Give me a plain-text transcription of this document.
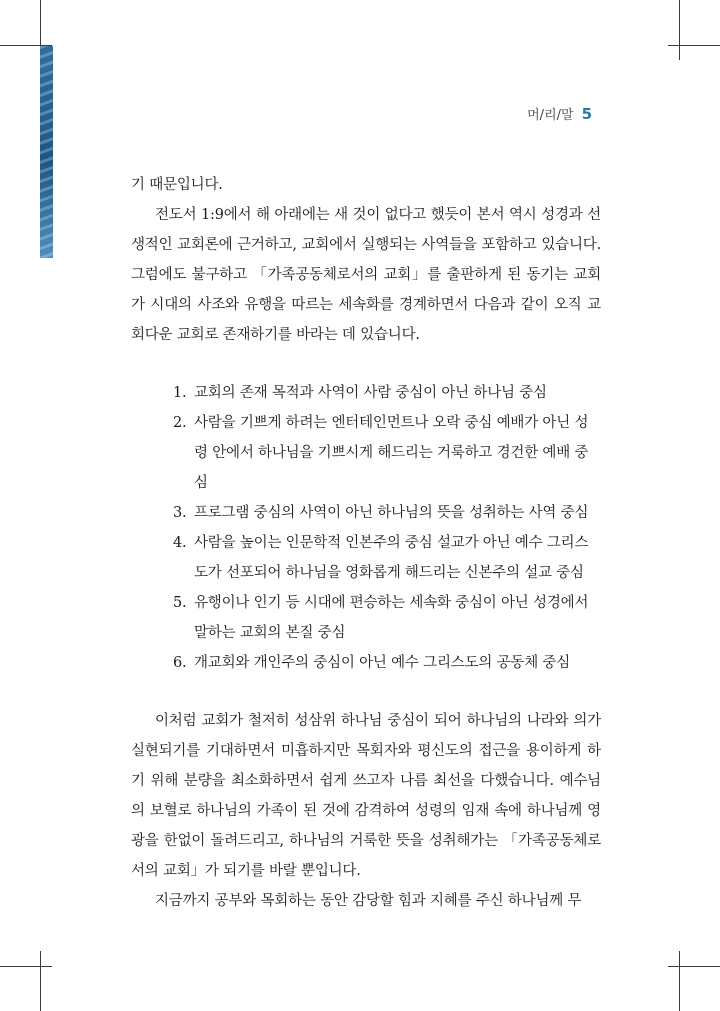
머/리/말 5

기 때문입니다.

전도서 1:9에서 해 아래에는 새 것이 없다고 했듯이 본서 역시 성경과 선생적인 교회론에 근거하고, 교회에서 실행되는 사역들을 포함하고 있습니다. 그럼에도 불구하고 「가족공동체로서의 교회」를 출판하게 된 동기는 교회가 시대의 사조와 유행을 따르는 세속화를 경계하면서 다음과 같이 오직 교회다운 교회로 존재하기를 바라는 데 있습니다.

1. 교회의 존재 목적과 사역이 사람 중심이 아닌 하나님 중심
2. 사람을 기쁘게 하려는 엔터테인먼트나 오락 중심 예배가 아닌 성령 안에서 하나님을 기쁘시게 해드리는 거룩하고 경건한 예배 중심
3. 프로그램 중심의 사역이 아닌 하나님의 뜻을 성취하는 사역 중심
4. 사람을 높이는 인문학적 인본주의 중심 설교가 아닌 예수 그리스도가 선포되어 하나님을 영화롭게 해드리는 신본주의 설교 중심
5. 유행이나 인기 등 시대에 편승하는 세속화 중심이 아닌 성경에서 말하는 교회의 본질 중심
6. 개교회와 개인주의 중심이 아닌 예수 그리스도의 공동체 중심

이처럼 교회가 철저히 성삼위 하나님 중심이 되어 하나님의 나라와 의가 실현되기를 기대하면서 미흡하지만 목회자와 평신도의 접근을 용이하게 하기 위해 분량을 최소화하면서 쉽게 쓰고자 나름 최선을 다했습니다. 예수님의 보혈로 하나님의 가족이 된 것에 감격하여 성령의 임재 속에 하나님께 영광을 한없이 돌려드리고, 하나님의 거룩한 뜻을 성취해가는 「가족공동체로서의 교회」가 되기를 바랄 뿐입니다.

지금까지 공부와 목회하는 동안 감당할 힘과 지혜를 주신 하나님께 무
